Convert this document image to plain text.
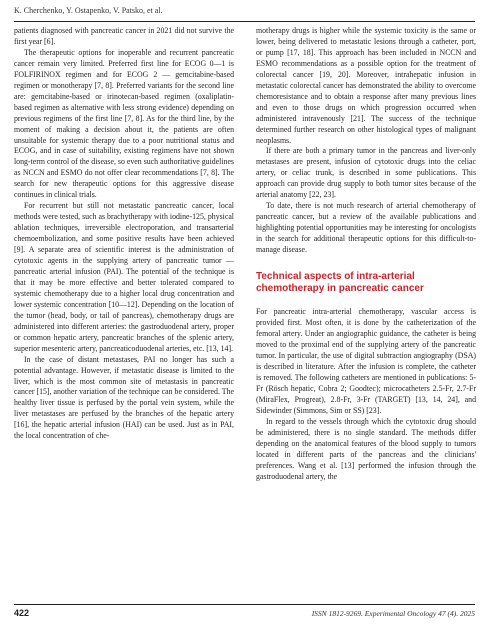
K. Cherchenko, Y. Ostapenko, V. Patsko, et al.

patients diagnosed with pancreatic cancer in 2021 did not survive the first year [6].

The therapeutic options for inoperable and recurrent pancreatic cancer remain very limited. Preferred first line for ECOG 0—1 is FOLFIRINOX regimen and for ECOG 2 — gemcitabine-based regimen or monotherapy [7, 8]. Preferred variants for the second line are: gemcitabine-based or irinotecan-based regimen (oxaliplatin-based regimen as alternative with less strong evidence) depending on previous regimens of the first line [7, 8]. As for the third line, by the moment of making a decision about it, the patients are often unsuitable for systemic therapy due to a poor nutritional status and ECOG, and in case of suitability, existing regimens have not shown long-term control of the disease, so even such authoritative guidelines as NCCN and ESMO do not offer clear recommendations [7, 8]. The search for new therapeutic options for this aggressive disease continues in clinical trials.

For recurrent but still not metastatic pancreatic cancer, local methods were tested, such as brachytherapy with iodine-125, physical ablation techniques, irreversible electroporation, and transarterial chemoembolization, and some positive results have been achieved [9]. A separate area of scientific interest is the administration of cytotoxic agents in the supplying artery of pancreatic tumor — pancreatic arterial infusion (PAI). The potential of the technique is that it may be more effective and better tolerated compared to systemic chemotherapy due to a higher local drug concentration and lower systemic concentration [10—12]. Depending on the location of the tumor (head, body, or tail of pancreas), chemotherapy drugs are administered into different arteries: the gastroduodenal artery, proper or common hepatic artery, pancreatic branches of the splenic artery, superior mesenteric artery, pancreaticoduodenal arteries, etc. [13, 14].

In the case of distant metastases, PAI no longer has such a potential advantage. However, if metastatic disease is limited to the liver, which is the most common site of metastasis in pancreatic cancer [15], another variation of the technique can be considered. The healthy liver tissue is perfused by the portal vein system, while the liver metastases are perfused by the branches of the hepatic artery [16], the hepatic arterial infusion (HAI) can be used. Just as in PAI, the local concentration of che-

motherapy drugs is higher while the systemic toxicity is the same or lower, being delivered to metastatic lesions through a catheter, port, or pump [17, 18]. This approach has been included in NCCN and ESMO recommendations as a possible option for the treatment of colorectal cancer [19, 20]. Moreover, intrahepatic infusion in metastatic colorectal cancer has demonstrated the ability to overcome chemoresistance and to obtain a response after many previous lines and even to those drugs on which progression occurred when administered intravenously [21]. The success of the technique determined further research on other histological types of malignant neoplasms.

If there are both a primary tumor in the pancreas and liver-only metastases are present, infusion of cytotoxic drugs into the celiac artery, or celiac trunk, is described in some publications. This approach can provide drug supply to both tumor sites because of the arterial anatomy [22, 23].

To date, there is not much research of arterial chemotherapy of pancreatic cancer, but a review of the available publications and highlighting potential opportunities may be interesting for oncologists in the search for additional therapeutic options for this difficult-to-manage disease.

Technical aspects of intra-arterial chemotherapy in pancreatic cancer

For pancreatic intra-arterial chemotherapy, vascular access is provided first. Most often, it is done by the catheterization of the femoral artery. Under an angiographic guidance, the catheter is being moved to the proximal end of the supplying artery of the pancreatic tumor. In particular, the use of digital subtraction angiography (DSA) is described in literature. After the infusion is complete, the catheter is removed. The following catheters are mentioned in publications: 5-Fr (Rösch hepatic, Cobra 2; Goodtec); microcatheters 2.5-Fr, 2.7-Fr (MiraFlex, Progreat), 2.8-Fr, 3-Fr (TARGET) [13, 14, 24], and Sidewinder (Simmons, Sim or SS) [23].

In regard to the vessels through which the cytotoxic drug should be administered, there is no single standard. The methods differ depending on the anatomical features of the blood supply to tumors located in different parts of the pancreas and the clinicians' preferences. Wang et al. [13] performed the infusion through the gastroduodenal artery, the

422	ISSN 1812-9269. Experimental Oncology 47 (4). 2025
